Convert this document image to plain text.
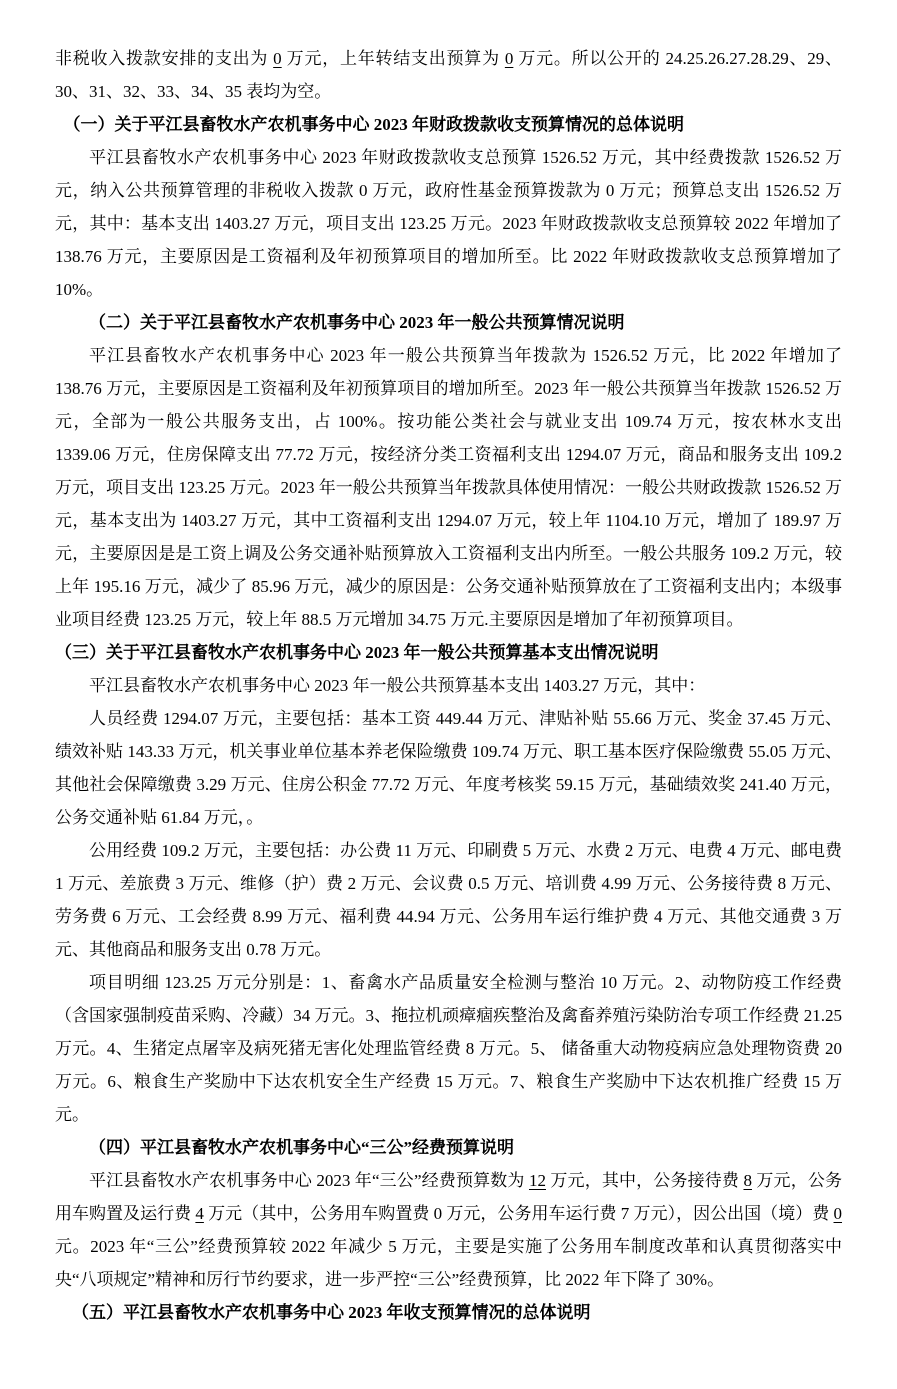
非税收入拨款安排的支出为 0 万元，上年转结支出预算为 0 万元。所以公开的 24.25.26.27.28.29、29、30、31、32、33、34、35 表均为空。

（一）关于平江县畜牧水产农机事务中心 2023 年财政拨款收支预算情况的总体说明

平江县畜牧水产农机事务中心 2023 年财政拨款收支总预算 1526.52 万元，其中经费拨款 1526.52 万元，纳入公共预算管理的非税收入拨款 0 万元，政府性基金预算拨款为 0 万元；预算总支出 1526.52 万元，其中：基本支出 1403.27 万元，项目支出 123.25 万元。2023 年财政拨款收支总预算较 2022 年增加了 138.76 万元，主要原因是工资福利及年初预算项目的增加所至。比 2022 年财政拨款收支总预算增加了 10%。

（二）关于平江县畜牧水产农机事务中心 2023 年一般公共预算情况说明

平江县畜牧水产农机事务中心 2023 年一般公共预算当年拨款为 1526.52 万元，比 2022 年增加了 138.76 万元，主要原因是工资福利及年初预算项目的增加所至。2023 年一般公共预算当年拨款 1526.52 万元，全部为一般公共服务支出，占 100%。按功能公类社会与就业支出 109.74 万元，按农林水支出 1339.06 万元，住房保障支出 77.72 万元，按经济分类工资福利支出 1294.07 万元，商品和服务支出 109.2 万元，项目支出 123.25 万元。2023 年一般公共预算当年拨款具体使用情况：一般公共财政拨款 1526.52 万元，基本支出为 1403.27 万元，其中工资福利支出 1294.07 万元，较上年 1104.10 万元，增加了 189.97 万元，主要原因是是工资上调及公务交通补贴预算放入工资福利支出内所至。一般公共服务 109.2 万元，较上年 195.16 万元，减少了 85.96 万元，减少的原因是：公务交通补贴预算放在了工资福利支出内；本级事业项目经费 123.25 万元，较上年 88.5 万元增加 34.75 万元.主要原因是增加了年初预算项目。

（三）关于平江县畜牧水产农机事务中心 2023 年一般公共预算基本支出情况说明

平江县畜牧水产农机事务中心 2023 年一般公共预算基本支出 1403.27 万元，其中：

人员经费 1294.07 万元，主要包括：基本工资 449.44 万元、津贴补贴 55.66 万元、奖金 37.45 万元、绩效补贴 143.33 万元，机关事业单位基本养老保险缴费 109.74 万元、职工基本医疗保险缴费 55.05 万元、其他社会保障缴费 3.29 万元、住房公积金 77.72 万元、年度考核奖 59.15 万元，基础绩效奖 241.40 万元，公务交通补贴 61.84 万元，。

公用经费 109.2 万元，主要包括：办公费 11 万元、印刷费 5 万元、水费 2 万元、电费 4 万元、邮电费 1 万元、差旅费 3 万元、维修（护）费 2 万元、会议费 0.5 万元、培训费 4.99 万元、公务接待费 8 万元、劳务费 6 万元、工会经费 8.99 万元、福利费 44.94 万元、公务用车运行维护费 4 万元、其他交通费 3 万元、其他商品和服务支出 0.78 万元。

项目明细 123.25 万元分别是：1、畜禽水产品质量安全检测与整治 10 万元。2、动物防疫工作经费（含国家强制疫苗采购、冷藏）34 万元。3、拖拉机顽瘴痼疾整治及禽畜养殖污染防治专项工作经费 21.25 万元。4、生猪定点屠宰及病死猪无害化处理监管经费 8 万元。5、 储备重大动物疫病应急处理物资费 20 万元。6、粮食生产奖励中下达农机安全生产经费 15 万元。7、粮食生产奖励中下达农机推广经费 15 万元。

（四）平江县畜牧水产农机事务中心“三公”经费预算说明

平江县畜牧水产农机事务中心 2023 年“三公”经费预算数为 12 万元，其中，公务接待费 8 万元，公务用车购置及运行费 4 万元（其中，公务用车购置费 0 万元，公务用车运行费 7 万元），因公出国（境）费 0 元。2023 年“三公”经费预算较 2022 年减少 5 万元，主要是实施了公务用车制度改革和认真贯彻落实中央“八项规定”精神和厉行节约要求，进一步严控“三公”经费预算，比 2022 年下降了 30%。

（五）平江县畜牧水产农机事务中心 2023 年收支预算情况的总体说明
